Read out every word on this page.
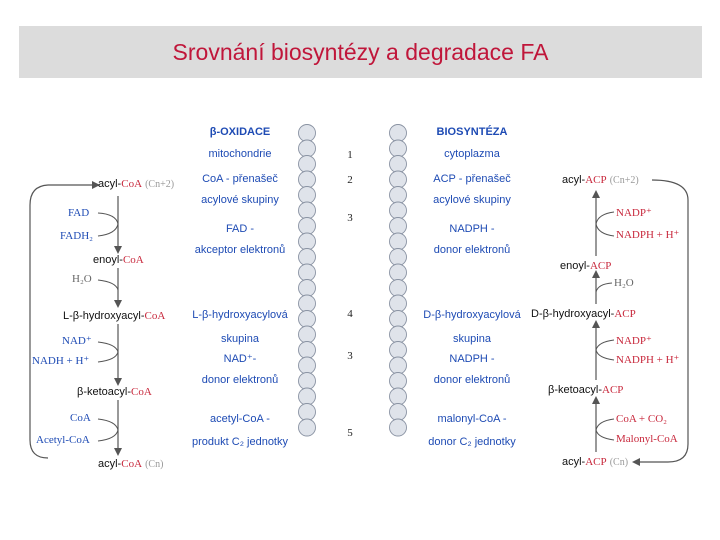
Srovnání biosyntézy a degradace FA
β-OXIDACE
mitochondrie
CoA - přenašeč
acylové skupiny
FAD -
akceptor elektronů
L-β-hydroxyacylová
skupina
NAD⁺-
donor elektronů
acetyl-CoA -
produkt C₂ jednotky
1
2
3
4
3
5
BIOSYNTÉZA
cytoplazma
ACP - přenašeč
acylové skupiny
NADPH -
donor elektronů
D-β-hydroxyacylová
skupina
NADPH -
donor elektronů
malonyl-CoA -
donor C₂ jednotky
acyl-CoA (Cn+2)
FAD
FADH₂
enoyl-CoA
H₂O
L-β-hydroxyacyl-CoA
NAD⁺
NADH + H⁺
β-ketoacyl-CoA
CoA
Acetyl-CoA
acyl-CoA (Cn)
acyl-ACP (Cn+2)
NADP⁺
NADPH + H⁺
enoyl-ACP
H₂O
D-β-hydroxyacyl-ACP
NADP⁺
NADPH + H⁺
β-ketoacyl-ACP
CoA + CO₂
Malonyl-CoA
acyl-ACP (Cn)
